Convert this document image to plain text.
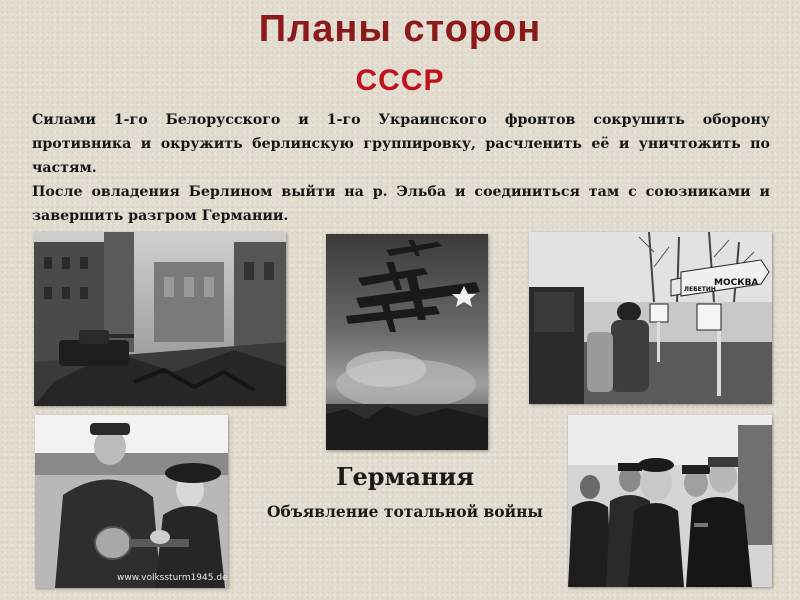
Планы сторон
СССР

Силами 1-го Белорусского и 1-го Украинского фронтов сокрушить оборону противника и окружить берлинскую группировку, расчленить её и уничтожить по частям.

После овладения Берлином выйти на р. Эльба и соединиться там с союзниками и завершить разгром Германии.

МОСКВА
ЛЕБЕТИН
www.volkssturm1945.de
Германия
Объявление тотальной войны
